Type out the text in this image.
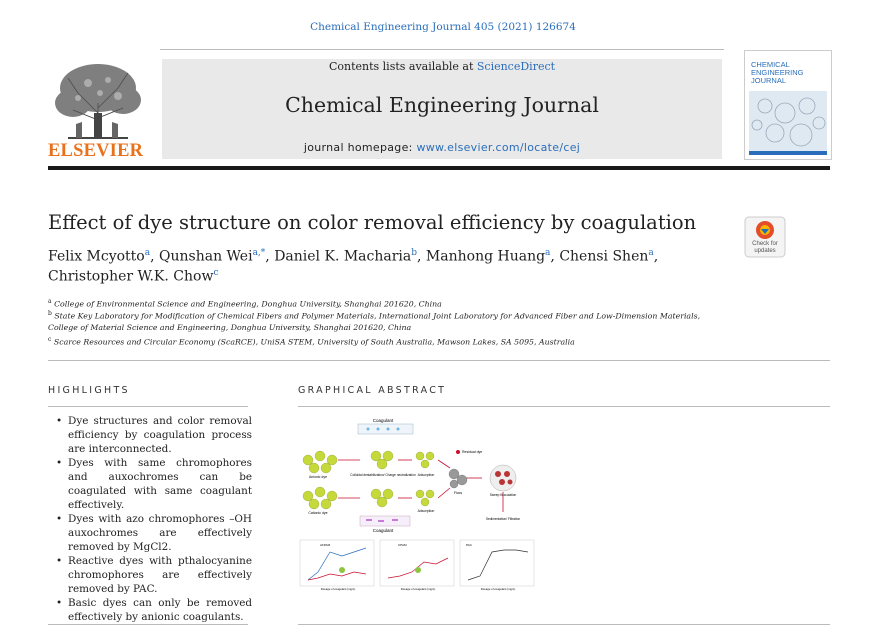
Chemical Engineering Journal 405 (2021) 126674
ELSEVIER
Contents lists available at ScienceDirect
Chemical Engineering Journal
journal homepage: www.elsevier.com/locate/cej
CHEMICAL ENGINEERING JOURNAL
Effect of dye structure on color removal efficiency by coagulation
Check for updates
Felix Mcyotto$^a$, Qunshan Wei$^{a,*}$, Daniel K. Macharia$^b$, Manhong Huang$^a$, Chensi Shen$^a$,
Christopher W.K. Chow$^c$
$^a$ College of Environmental Science and Engineering, Donghua University, Shanghai 201620, China
$^b$ State Key Laboratory for Modification of Chemical Fibers and Polymer Materials, International Joint Laboratory for Advanced Fiber and Low-Dimension Materials,
College of Material Science and Engineering, Donghua University, Shanghai 201620, China
$^c$ Scarce Resources and Circular Economy (ScaRCE), UniSA STEM, University of South Australia, Mawson Lakes, SA 5095, Australia
HIGHLIGHTS
• Dye structures and color removal efficiency by coagulation process are interconnected.
• Dyes with same chromophores and auxochromes can be coagulated with same coagulant effectively.
• Dyes with azo chromophores –OH auxochromes are effectively removed by MgCl2.
• Reactive dyes with pthalocyanine chromophores are effectively removed by PAC.
• Basic dyes can only be removed effectively by anionic coagulants.
GRAPHICAL ABSTRACT
Coagulant
Anionic dye	Colloidal destabilization/ Charge neutralization Adsorption
Cationic dye	Adsorption
Coagulant
Residual dye
Flocs	Sweep flocculation
Sedimentation/ Filtration
AFPAM	CPAM	PAC
Dosage of coagulant (mg/L)	Dosage of coagulant (mg/L)	Dosage of coagulant (mg/L)
